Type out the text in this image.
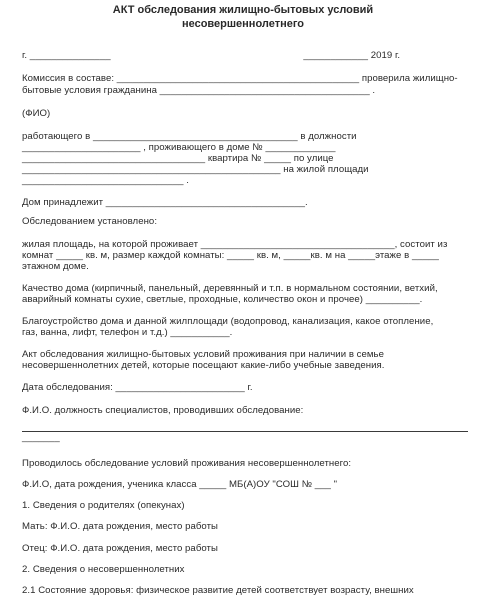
АКТ обследования жилищно-бытовых условий
несовершеннолетнего
г. _______________                                                                       ____________ 2019 г.
Комиссия в составе: _____________________________________________ проверила жилищно-
бытовые условия гражданина _______________________________________ .
(ФИО)
работающего в ______________________________________ в должности
______________________ , проживающего в доме № _____________
__________________________________ квартира № _____ по улице
________________________________________________ на жилой площади
______________________________ .
Дом принадлежит _____________________________________.
Обследованием установлено:
жилая площадь, на которой проживает ____________________________________, состоит из
комнат _____ кв. м, размер каждой комнаты: _____ кв. м, _____кв. м на _____этаже в _____
этажном доме.
Качество дома (кирпичный, панельный, деревянный и т.п. в нормальном состоянии, ветхий,
аварийный комнаты сухие, светлые, проходные, количество окон и прочее) __________.
Благоустройство дома и данной жилплощади (водопровод, канализация, какое отопление,
газ, ванна, лифт, телефон и т.д.) ___________.
Акт обследования жилищно-бытовых условий проживания при наличии в семье
несовершеннолетних детей, которые посещают какие-либо учебные заведения.
Дата обследования: ________________________ г.
Ф.И.О. должность специалистов, проводивших обследование:
_______
Проводилось обследование условий проживания несовершеннолетнего:
Ф.И.О, дата рождения, ученика класса _____ МБ(А)ОУ "СОШ № ___ "
1. Сведения о родителях (опекунах)
Мать: Ф.И.О. дата рождения, место работы
Отец: Ф.И.О. дата рождения, место работы
2. Сведения о несовершеннолетних
2.1 Состояние здоровья: физическое развитие детей соответствует возрасту, внешних
